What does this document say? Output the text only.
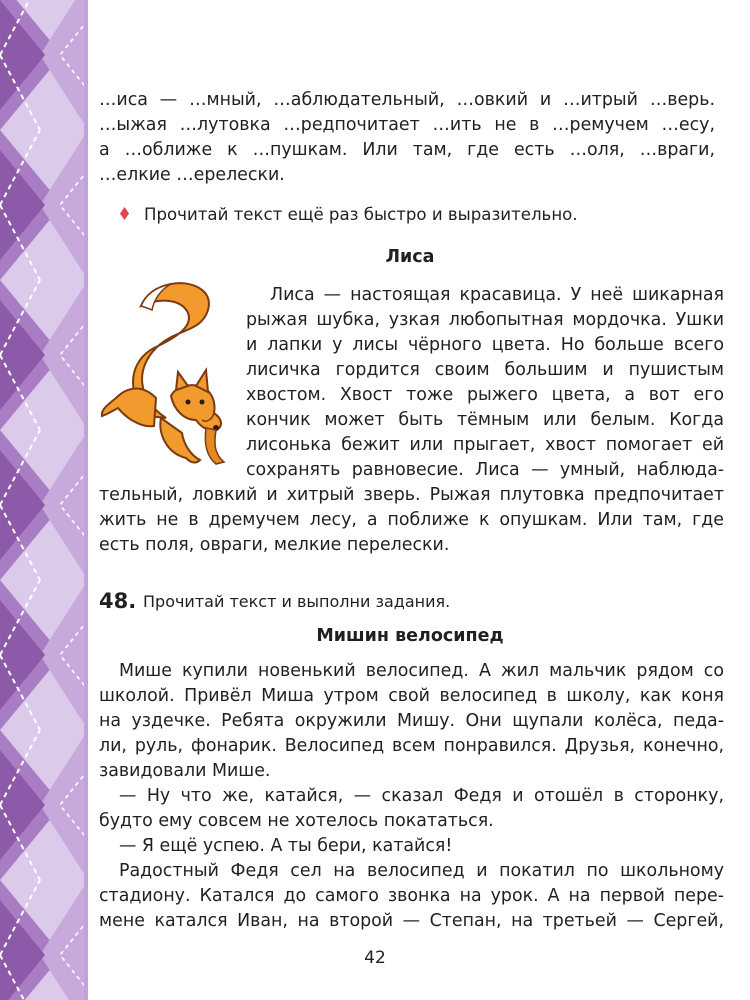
…иса — …мный, …аблюдательный, …овкий и …итрый …верь.
…ыжая …лутовка …редпочитает …ить не в …ремучем …есу,
а …оближе к …пушкам. Или там, где есть …оля, …враги,
…елкие …ерелески.
Прочитай текст ещё раз быстро и выразительно.
Лиса
Лиса — настоящая красавица. У неё шикарная
рыжая шубка, узкая любопытная мордочка. Ушки
и лапки у лисы чёрного цвета. Но больше всего
лисичка гордится своим большим и пушистым
хвостом. Хвост тоже рыжего цвета, а вот его
кончик может быть тёмным или белым. Когда
лисонька бежит или прыгает, хвост помогает ей
сохранять равновесие. Лиса — умный, наблюда-
тельный, ловкий и хитрый зверь. Рыжая плутовка предпочитает
жить не в дремучем лесу, а поближе к опушкам. Или там, где
есть поля, овраги, мелкие перелески.
48. Прочитай текст и выполни задания.
Мишин велосипед
Мише купили новенький велосипед. А жил мальчик рядом со
школой. Привёл Миша утром свой велосипед в школу, как коня
на уздечке. Ребята окружили Мишу. Они щупали колёса, педа-
ли, руль, фонарик. Велосипед всем понравился. Друзья, конечно,
завидовали Мише.
— Ну что же, катайся, — сказал Федя и отошёл в сторонку,
будто ему совсем не хотелось покататься.
— Я ещё успею. А ты бери, катайся!
Радостный Федя сел на велосипед и покатил по школьному
стадиону. Катался до самого звонка на урок. А на первой пере-
мене катался Иван, на второй — Степан, на третьей — Сергей,
42
